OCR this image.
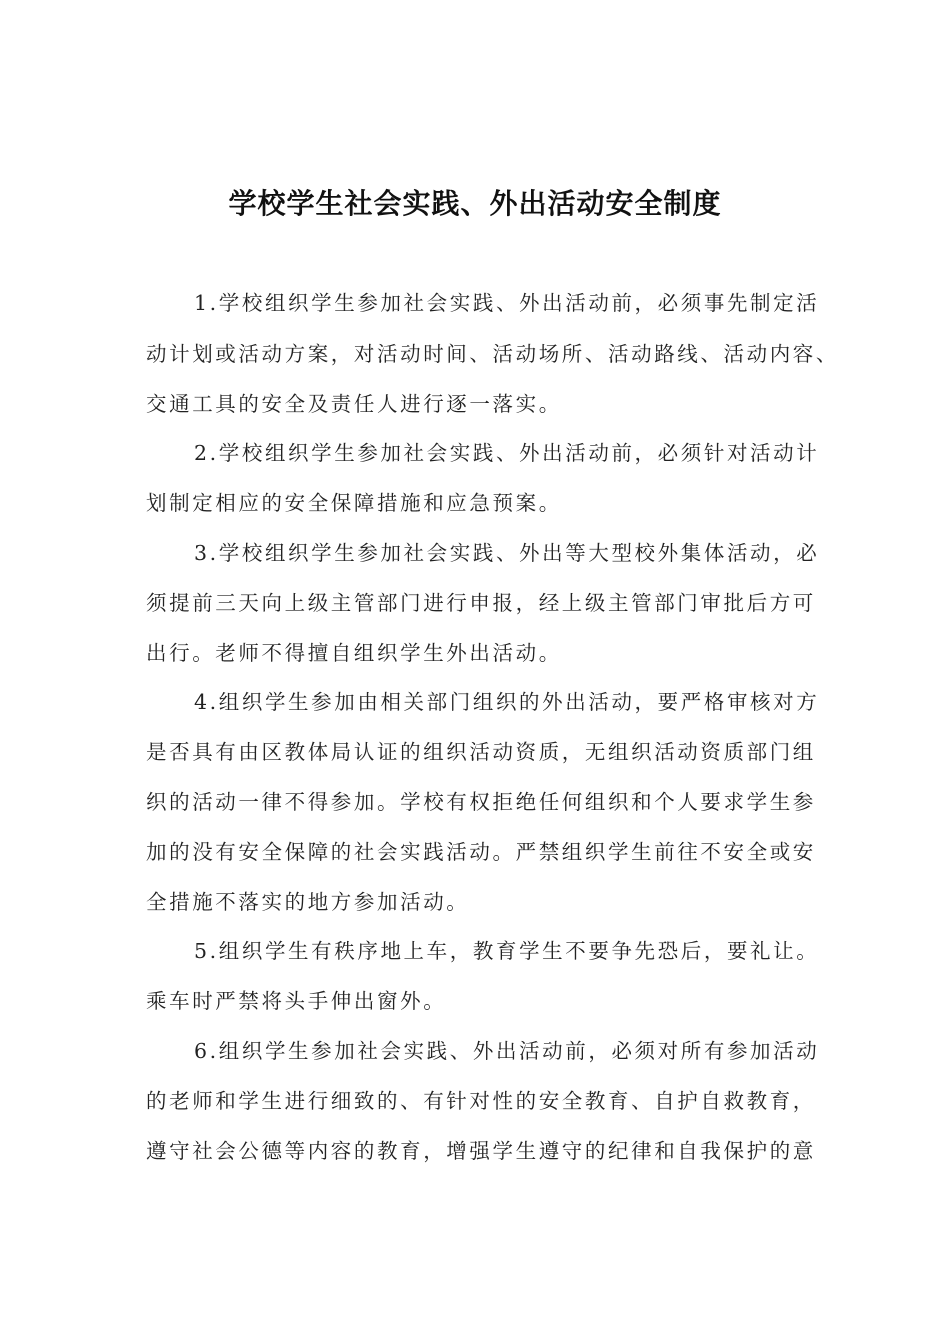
学校学生社会实践、外出活动安全制度
1.学校组织学生参加社会实践、外出活动前，必须事先制定活
动计划或活动方案，对活动时间、活动场所、活动路线、活动内容、
交通工具的安全及责任人进行逐一落实。
2.学校组织学生参加社会实践、外出活动前，必须针对活动计
划制定相应的安全保障措施和应急预案。
3.学校组织学生参加社会实践、外出等大型校外集体活动，必
须提前三天向上级主管部门进行申报，经上级主管部门审批后方可
出行。老师不得擅自组织学生外出活动。
4.组织学生参加由相关部门组织的外出活动，要严格审核对方
是否具有由区教体局认证的组织活动资质，无组织活动资质部门组
织的活动一律不得参加。学校有权拒绝任何组织和个人要求学生参
加的没有安全保障的社会实践活动。严禁组织学生前往不安全或安
全措施不落实的地方参加活动。
5.组织学生有秩序地上车，教育学生不要争先恐后，要礼让。
乘车时严禁将头手伸出窗外。
6.组织学生参加社会实践、外出活动前，必须对所有参加活动
的老师和学生进行细致的、有针对性的安全教育、自护自救教育，
遵守社会公德等内容的教育，增强学生遵守的纪律和自我保护的意
